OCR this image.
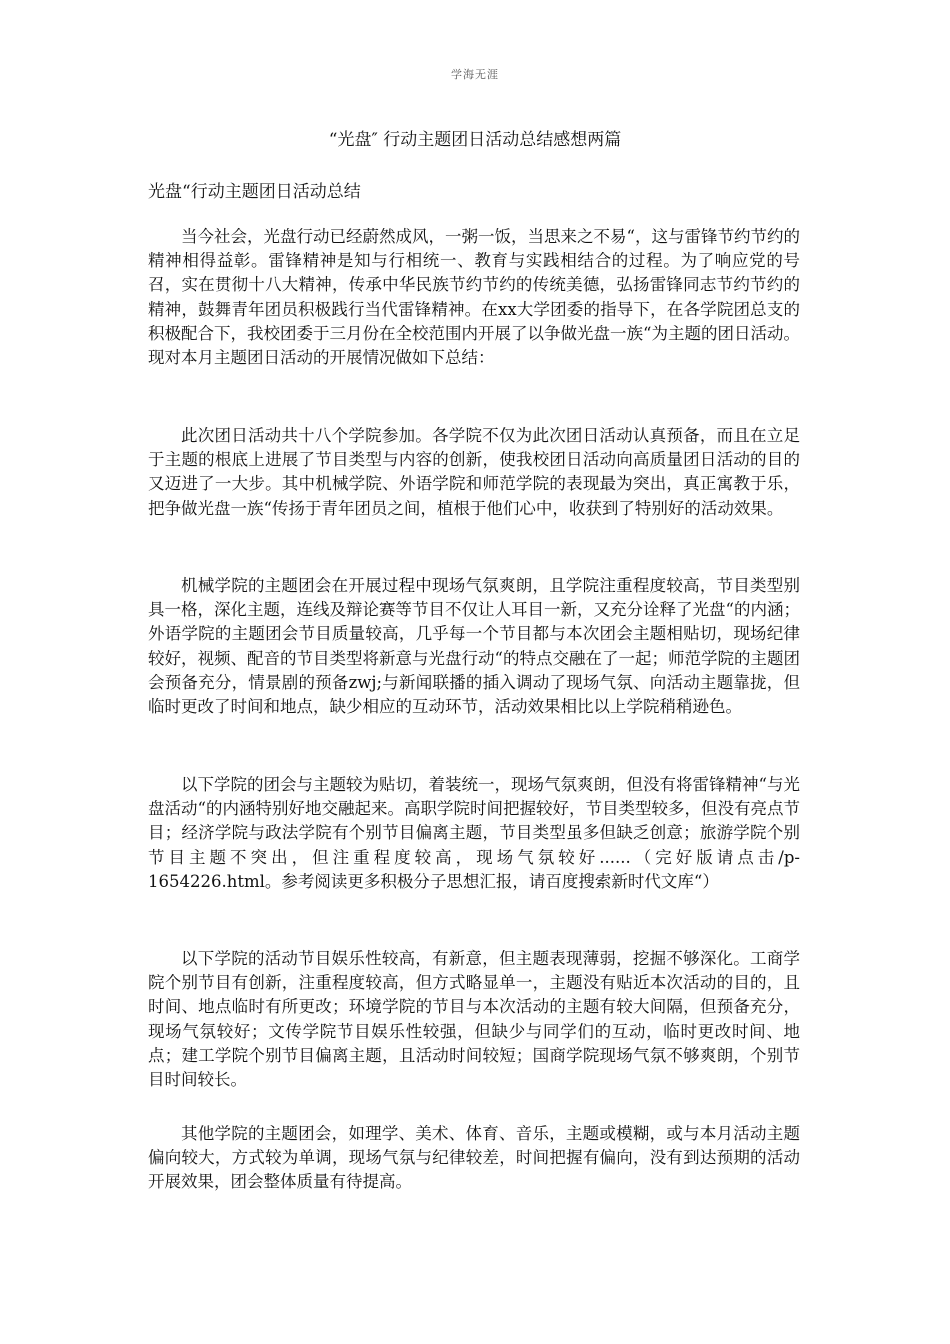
学海无涯
“光盘″ 行动主题团日活动总结感想两篇
光盘“行动主题团日活动总结

当今社会，光盘行动已经蔚然成风，一粥一饭，当思来之不易“，这与雷锋节约节约的精神相得益彰。雷锋精神是知与行相统一、教育与实践相结合的过程。为了响应党的号召，实在贯彻十八大精神，传承中华民族节约节约的传统美德，弘扬雷锋同志节约节约的精神，鼓舞青年团员积极践行当代雷锋精神。在xx大学团委的指导下，在各学院团总支的积极配合下，我校团委于三月份在全校范围内开展了以争做光盘一族“为主题的团日活动。现对本月主题团日活动的开展情况做如下总结：

此次团日活动共十八个学院参加。各学院不仅为此次团日活动认真预备，而且在立足于主题的根底上进展了节目类型与内容的创新，使我校团日活动向高质量团日活动的目的又迈进了一大步。其中机械学院、外语学院和师范学院的表现最为突出，真正寓教于乐，把争做光盘一族“传扬于青年团员之间，植根于他们心中，收获到了特别好的活动效果。

机械学院的主题团会在开展过程中现场气氛爽朗，且学院注重程度较高，节目类型别具一格，深化主题，连线及辩论赛等节目不仅让人耳目一新，又充分诠释了光盘“的内涵；外语学院的主题团会节目质量较高，几乎每一个节目都与本次团会主题相贴切，现场纪律较好，视频、配音的节目类型将新意与光盘行动“的特点交融在了一起；师范学院的主题团会预备充分，情景剧的预备zwj;与新闻联播的插入调动了现场气氛、向活动主题靠拢，但临时更改了时间和地点，缺少相应的互动环节，活动效果相比以上学院稍稍逊色。

以下学院的团会与主题较为贴切，着装统一，现场气氛爽朗，但没有将雷锋精神“与光盘活动“的内涵特别好地交融起来。高职学院时间把握较好，节目类型较多，但没有亮点节目；经济学院与政法学院有个别节目偏离主题，节目类型虽多但缺乏创意；旅游学院个别节目主题不突出，但注重程度较高，现场气氛较好......（完好版请点击/p-1654226.html。参考阅读更多积极分子思想汇报，请百度搜索新时代文库“）

以下学院的活动节目娱乐性较高，有新意，但主题表现薄弱，挖掘不够深化。工商学院个别节目有创新，注重程度较高，但方式略显单一，主题没有贴近本次活动的目的，且时间、地点临时有所更改；环境学院的节目与本次活动的主题有较大间隔，但预备充分，现场气氛较好；文传学院节目娱乐性较强，但缺少与同学们的互动，临时更改时间、地点；建工学院个别节目偏离主题，且活动时间较短；国商学院现场气氛不够爽朗，个别节目时间较长。

其他学院的主题团会，如理学、美术、体育、音乐，主题或模糊，或与本月活动主题偏向较大，方式较为单调，现场气氛与纪律较差，时间把握有偏向，没有到达预期的活动开展效果，团会整体质量有待提高。
